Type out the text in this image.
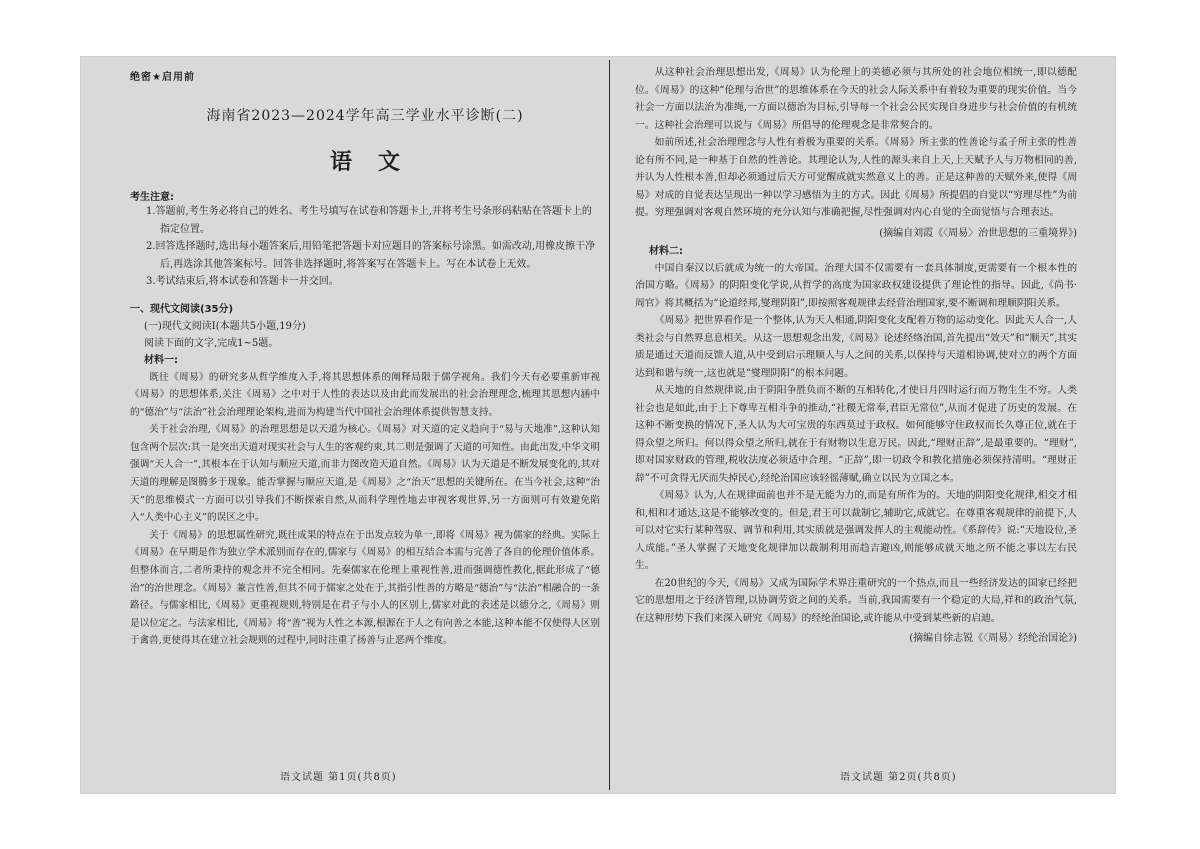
绝密★启用前
海南省2023—2024学年高三学业水平诊断(二)
语文
考生注意:

1.答题前,考生务必将自己的姓名、考生号填写在试卷和答题卡上,并将考生号条形码粘贴在答题卡上的指定位置。

2.回答选择题时,选出每小题答案后,用铅笔把答题卡对应题目的答案标号涂黑。如需改动,用橡皮擦干净后,再选涂其他答案标号。回答非选择题时,将答案写在答题卡上。写在本试卷上无效。

3.考试结束后,将本试卷和答题卡一并交回。

一、现代文阅读(35分)
(一)现代文阅读Ⅰ(本题共5小题,19分)
阅读下面的文字,完成1~5题。
材料一:

既往《周易》的研究多从哲学维度入手,将其思想体系的阐释局限于儒学视角。我们今天有必要重新审视《周易》的思想体系,关注《周易》之中对于人性的表达以及由此而发展出的社会治理理念,梳理其思想内涵中的“德治”与“法治”社会治理理论架构,进而为构建当代中国社会治理体系提供智慧支持。

关于社会治理,《周易》的治理思想是以天道为核心。《周易》对天道的定义趋向于“易与天地准”,这种认知包含两个层次:其一是突出天道对现实社会与人生的客观约束,其二则是强调了天道的可知性。由此出发,中华文明强调“天人合一”,其根本在于认知与顺应天道,而非力图改造天道自然。《周易》认为天道是不断发展变化的,其对天道的理解是图腾多于现象。能否掌握与顺应天道,是《周易》之“治天”思想的关键所在。在当今社会,这种“治天”的思维模式一方面可以引导我们不断探索自然,从而科学理性地去审视客观世界,另一方面则可有效避免陷入“人类中心主义”的误区之中。

关于《周易》的思想属性研究,既往成果的特点在于出发点较为单一,即将《周易》视为儒家的经典。实际上《周易》在早期是作为独立学术派别而存在的,儒家与《周易》的相互结合本需与完善了各自的伦理价值体系。但整体而言,二者所秉持的观念并不完全相同。先秦儒家在伦理上重视性善,进而强调德性教化,据此形成了“德治”的治世理念。《周易》兼言性善,但其不同于儒家之处在于,其指引性善的方略是“德治”与“法治”相融合的一条路径。与儒家相比,《周易》更重视规则,特别是在君子与小人的区别上,儒家对此的表述是以德分之,《周易》则是以位定之。与法家相比,《周易》将“善”视为人性之本源,根源在于人之有向善之本能,这种本能不仅使得人区别于禽兽,更使得其在建立社会规则的过程中,同时注重了扬善与止恶两个维度。

从这种社会治理思想出发,《周易》认为伦理上的美德必须与其所处的社会地位相统一,即以德配位。《周易》的这种“伦理与治世”的思维体系在今天的社会人际关系中有着较为重要的现实价值。当今社会一方面以法治为准绳,一方面以德治为目标,引导每一个社会公民实现自身进步与社会价值的有机统一。这种社会治理可以说与《周易》所倡导的伦理观念是非常契合的。

如前所述,社会治理理念与人性有着极为重要的关系。《周易》所主张的性善论与孟子所主张的性善论有所不同,是一种基于自然的性善论。其理论认为,人性的源头来自上天,上天赋予人与万物相同的善,并认为人性根本善,但却必须通过后天方可觉醒成就实然意义上的善。正是这种善的天赋外来,使得《周易》对成的自觉表达呈现出一种以学习感悟为主的方式。因此《周易》所提倡的自觉以“穷理尽性”为前提。穷理强调对客观自然环境的充分认知与准确把握,尽性强调对内心自觉的全面觉悟与合理表达。

(摘编自刘霞《〈周易〉治世思想的三重境界》)

材料二:

中国自秦汉以后就成为统一的大帝国。治理大国不仅需要有一套具体制度,更需要有一个根本性的治国方略。《周易》的阴阳变化学说,从哲学的高度为国家政权建设提供了理论性的指导。因此,《尚书·周官》将其概括为“论道经邦,燮理阴阳”,即按照客观规律去经营治理国家,要不断调和理顺阴阳关系。

《周易》把世界看作是一个整体,认为天人相通,阴阳变化支配着万物的运动变化。因此天人合一,人类社会与自然界息息相关。从这一思想观念出发,《周易》论述经络治国,首先提出“效天”和“顺天”,其实质是通过天道而反馈人道,从中受到启示理顺人与人之间的关系,以保持与天道相协调,使对立的两个方面达到和谐与统一,这也就是“燮理阴阳”的根本问题。

从天地的自然规律说,由于阴阳争胜负而不断的互相转化,才使日月四时运行而万物生生不穷。人类社会也是如此,由于上下尊卑互相斗争的推动,“社稷无常奉,君臣无常位”,从而才促进了历史的发展。在这种不断变换的情况下,圣人认为大可宝贵的东西莫过于政权。如何能够守住政权而长久尊正位,就在于得众望之所归。何以得众望之所归,就在于有财物以生息万民。因此,“理财正辞”,是最重要的。“理财”,即对国家财政的管理,税收法度必须适中合理。“正辞”,即一切政令和教化措施必须保持清明。“理财正辞”不可贪得无厌而失掉民心,经纶治国应该轻徭薄赋,确立以民为立国之本。

《周易》认为,人在规律面前也并不是无能为力的,而是有所作为的。天地的阴阳变化规律,相交才相和,相和才通达,这是不能够改变的。但是,君王可以裁制它,辅助它,成就它。在尊重客观规律的前提下,人可以对它实行某种驾驭、调节和利用,其实质就是强调发挥人的主观能动性。《系辞传》说:“天地设位,圣人成能。”圣人掌握了天地变化规律加以裁制利用而趋吉避凶,则能够成就天地之所不能之事以左右民生。

在20世纪的今天,《周易》又成为国际学术界注重研究的一个热点,而且一些经济发达的国家已经把它的思想用之于经济管理,以协调劳资之间的关系。当前,我国需要有一个稳定的大局,祥和的政治气氛,在这种形势下我们来深入研究《周易》的经纶治国论,或许能从中受到某些新的启迪。

(摘编自徐志锐《〈周易〉经纶治国论》)

语文试题 第1页(共8页)	语文试题 第2页(共8页)
